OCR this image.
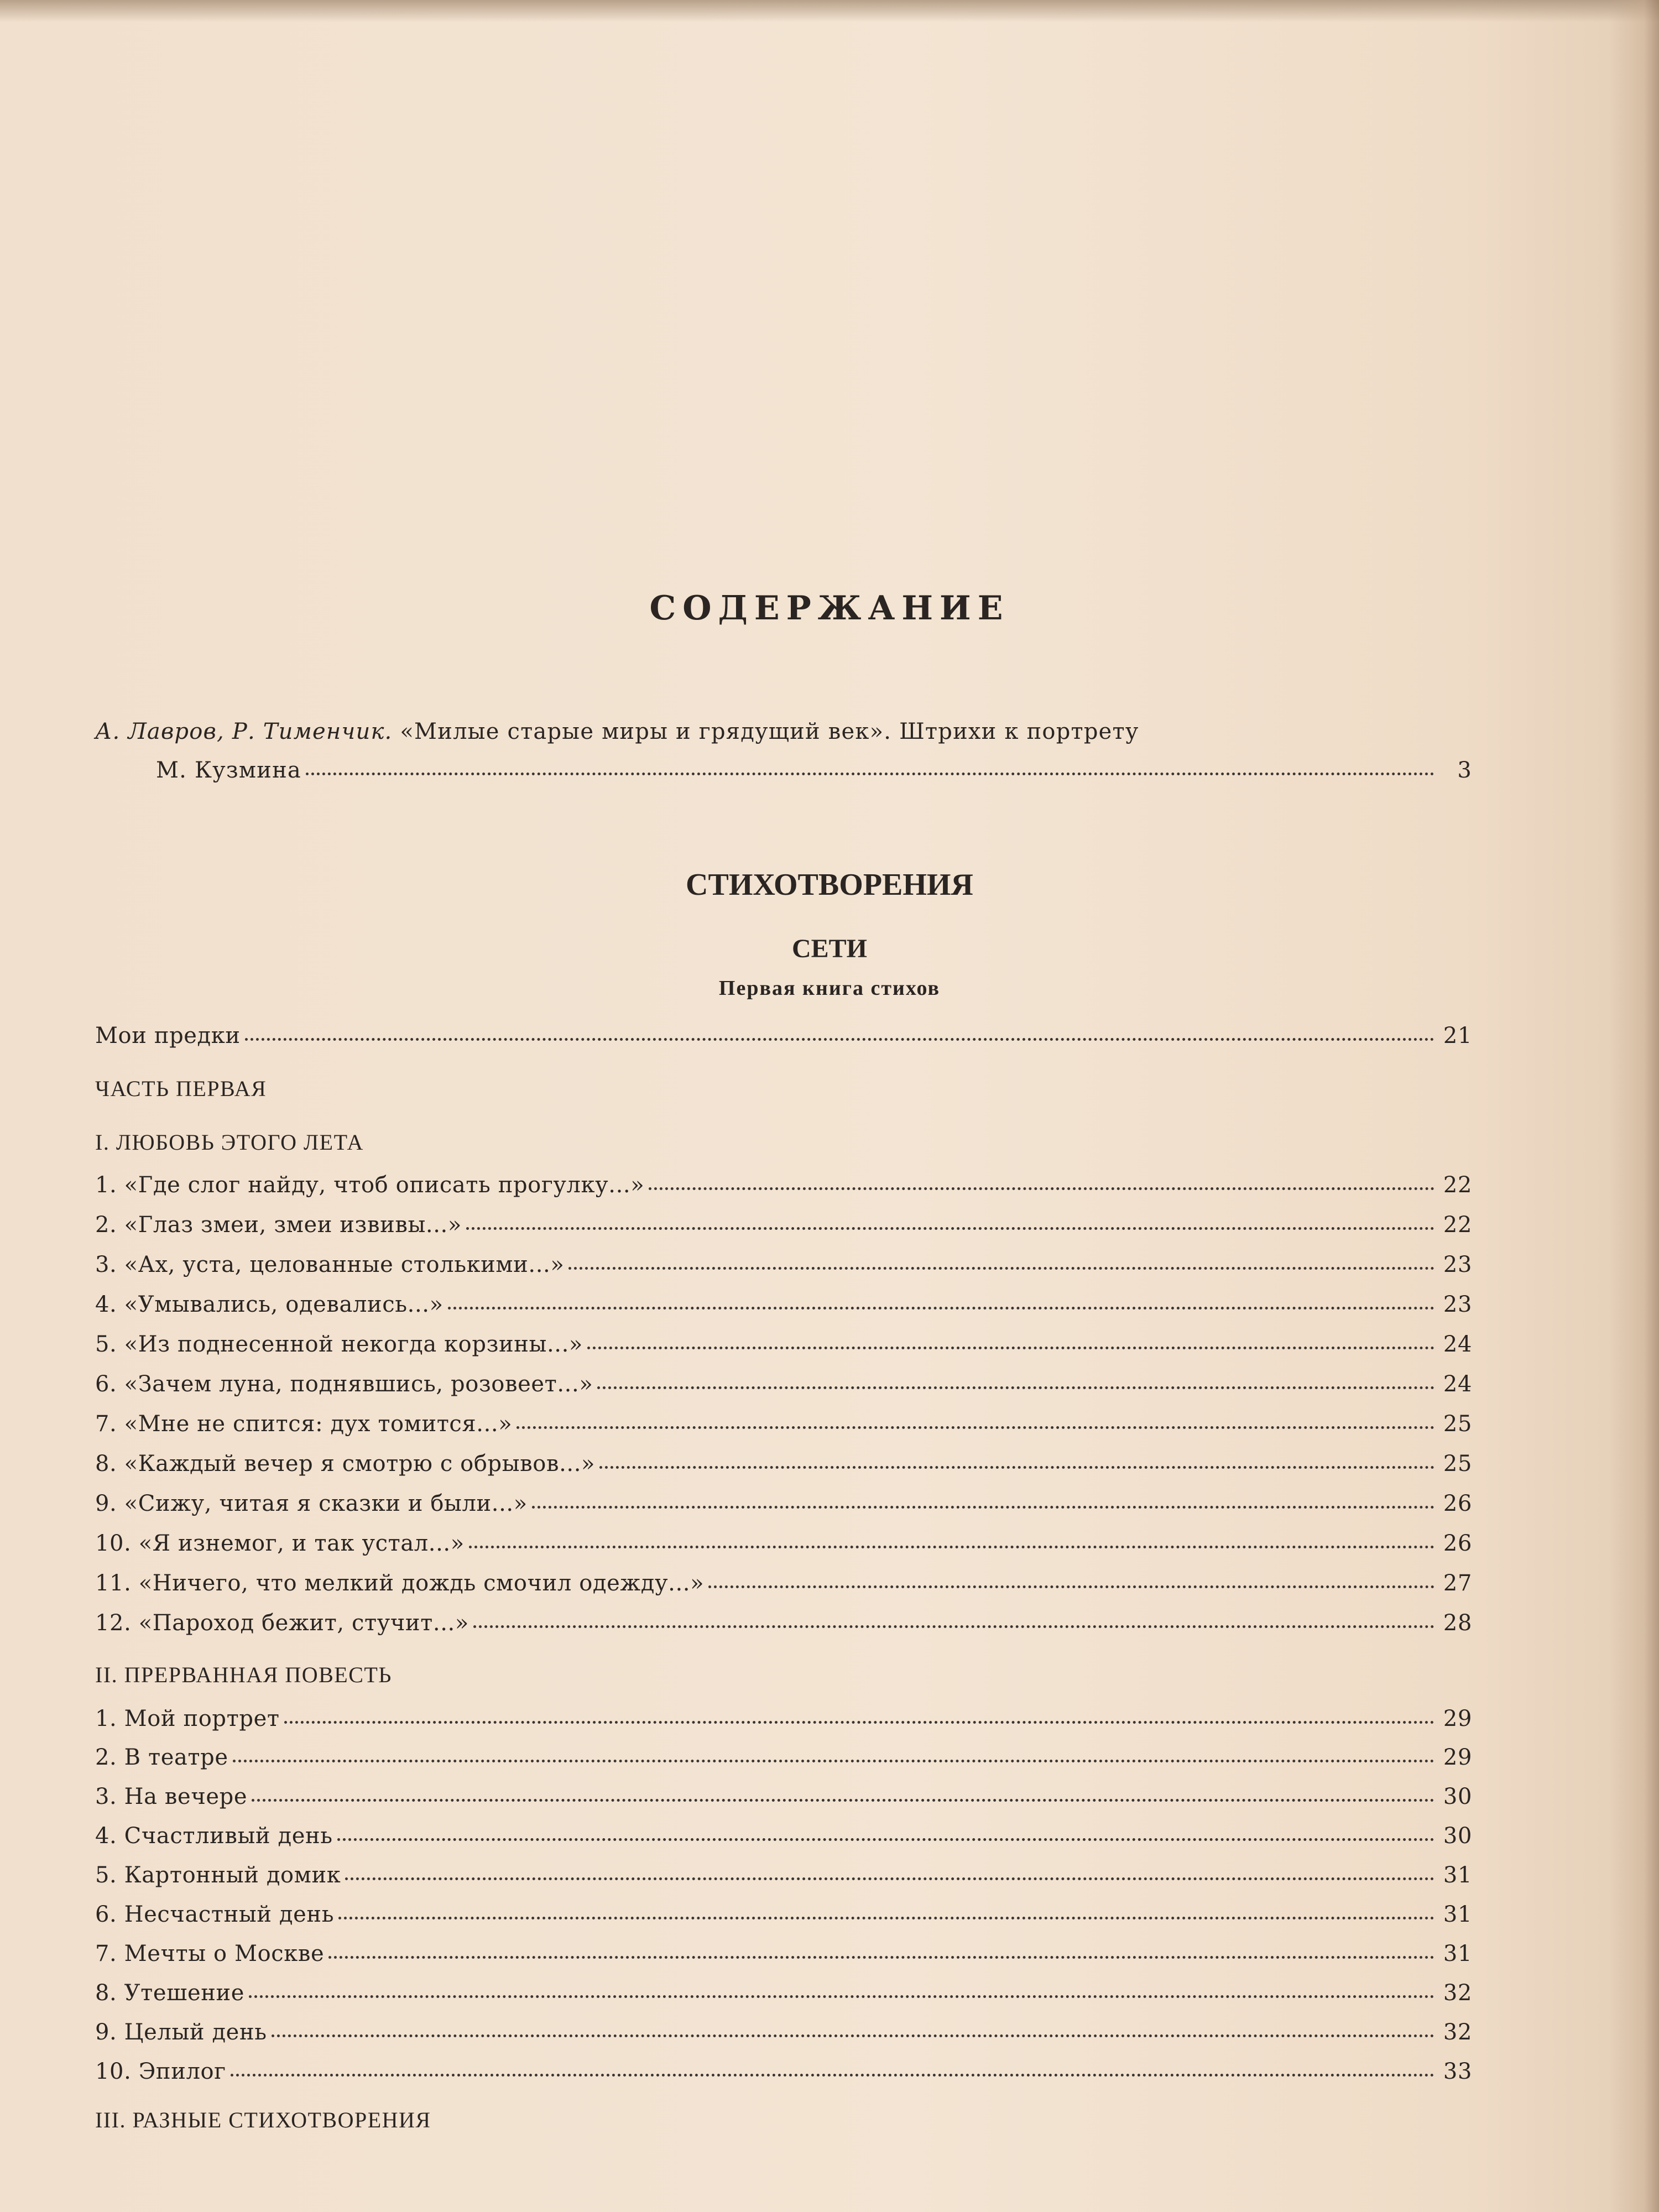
СОДЕРЖАНИЕ

А. Лавров, Р. Тименчик. «Милые старые миры и грядущий век». Штрихи к портрету

М. Кузмина	3
СТИХОТВОРЕНИЯ
СЕТИ
Первая книга стихов
Мои предки	21
ЧАСТЬ ПЕРВАЯ
I. ЛЮБОВЬ ЭТОГО ЛЕТА
1. «Где слог найду, чтоб описать прогулку...»	22
2. «Глаз змеи, змеи извивы...»	22
3. «Ах, уста, целованные столькими...»	23
4. «Умывались, одевались...»	23
5. «Из поднесенной некогда корзины...»	24
6. «Зачем луна, поднявшись, розовеет...»	24
7. «Мне не спится: дух томится...»	25
8. «Каждый вечер я смотрю с обрывов...»	25
9. «Сижу, читая я сказки и были...»	26
10. «Я изнемог, и так устал...»	26
11. «Ничего, что мелкий дождь смочил одежду...»	27
12. «Пароход бежит, стучит...»	28
II. ПРЕРВАННАЯ ПОВЕСТЬ
1. Мой портрет	29
2. В театре	29
3. На вечере	30
4. Счастливый день	30
5. Картонный домик	31
6. Несчастный день	31
7. Мечты о Москве	31
8. Утешение	32
9. Целый день	32
10. Эпилог	33
III. РАЗНЫЕ СТИХОТВОРЕНИЯ
